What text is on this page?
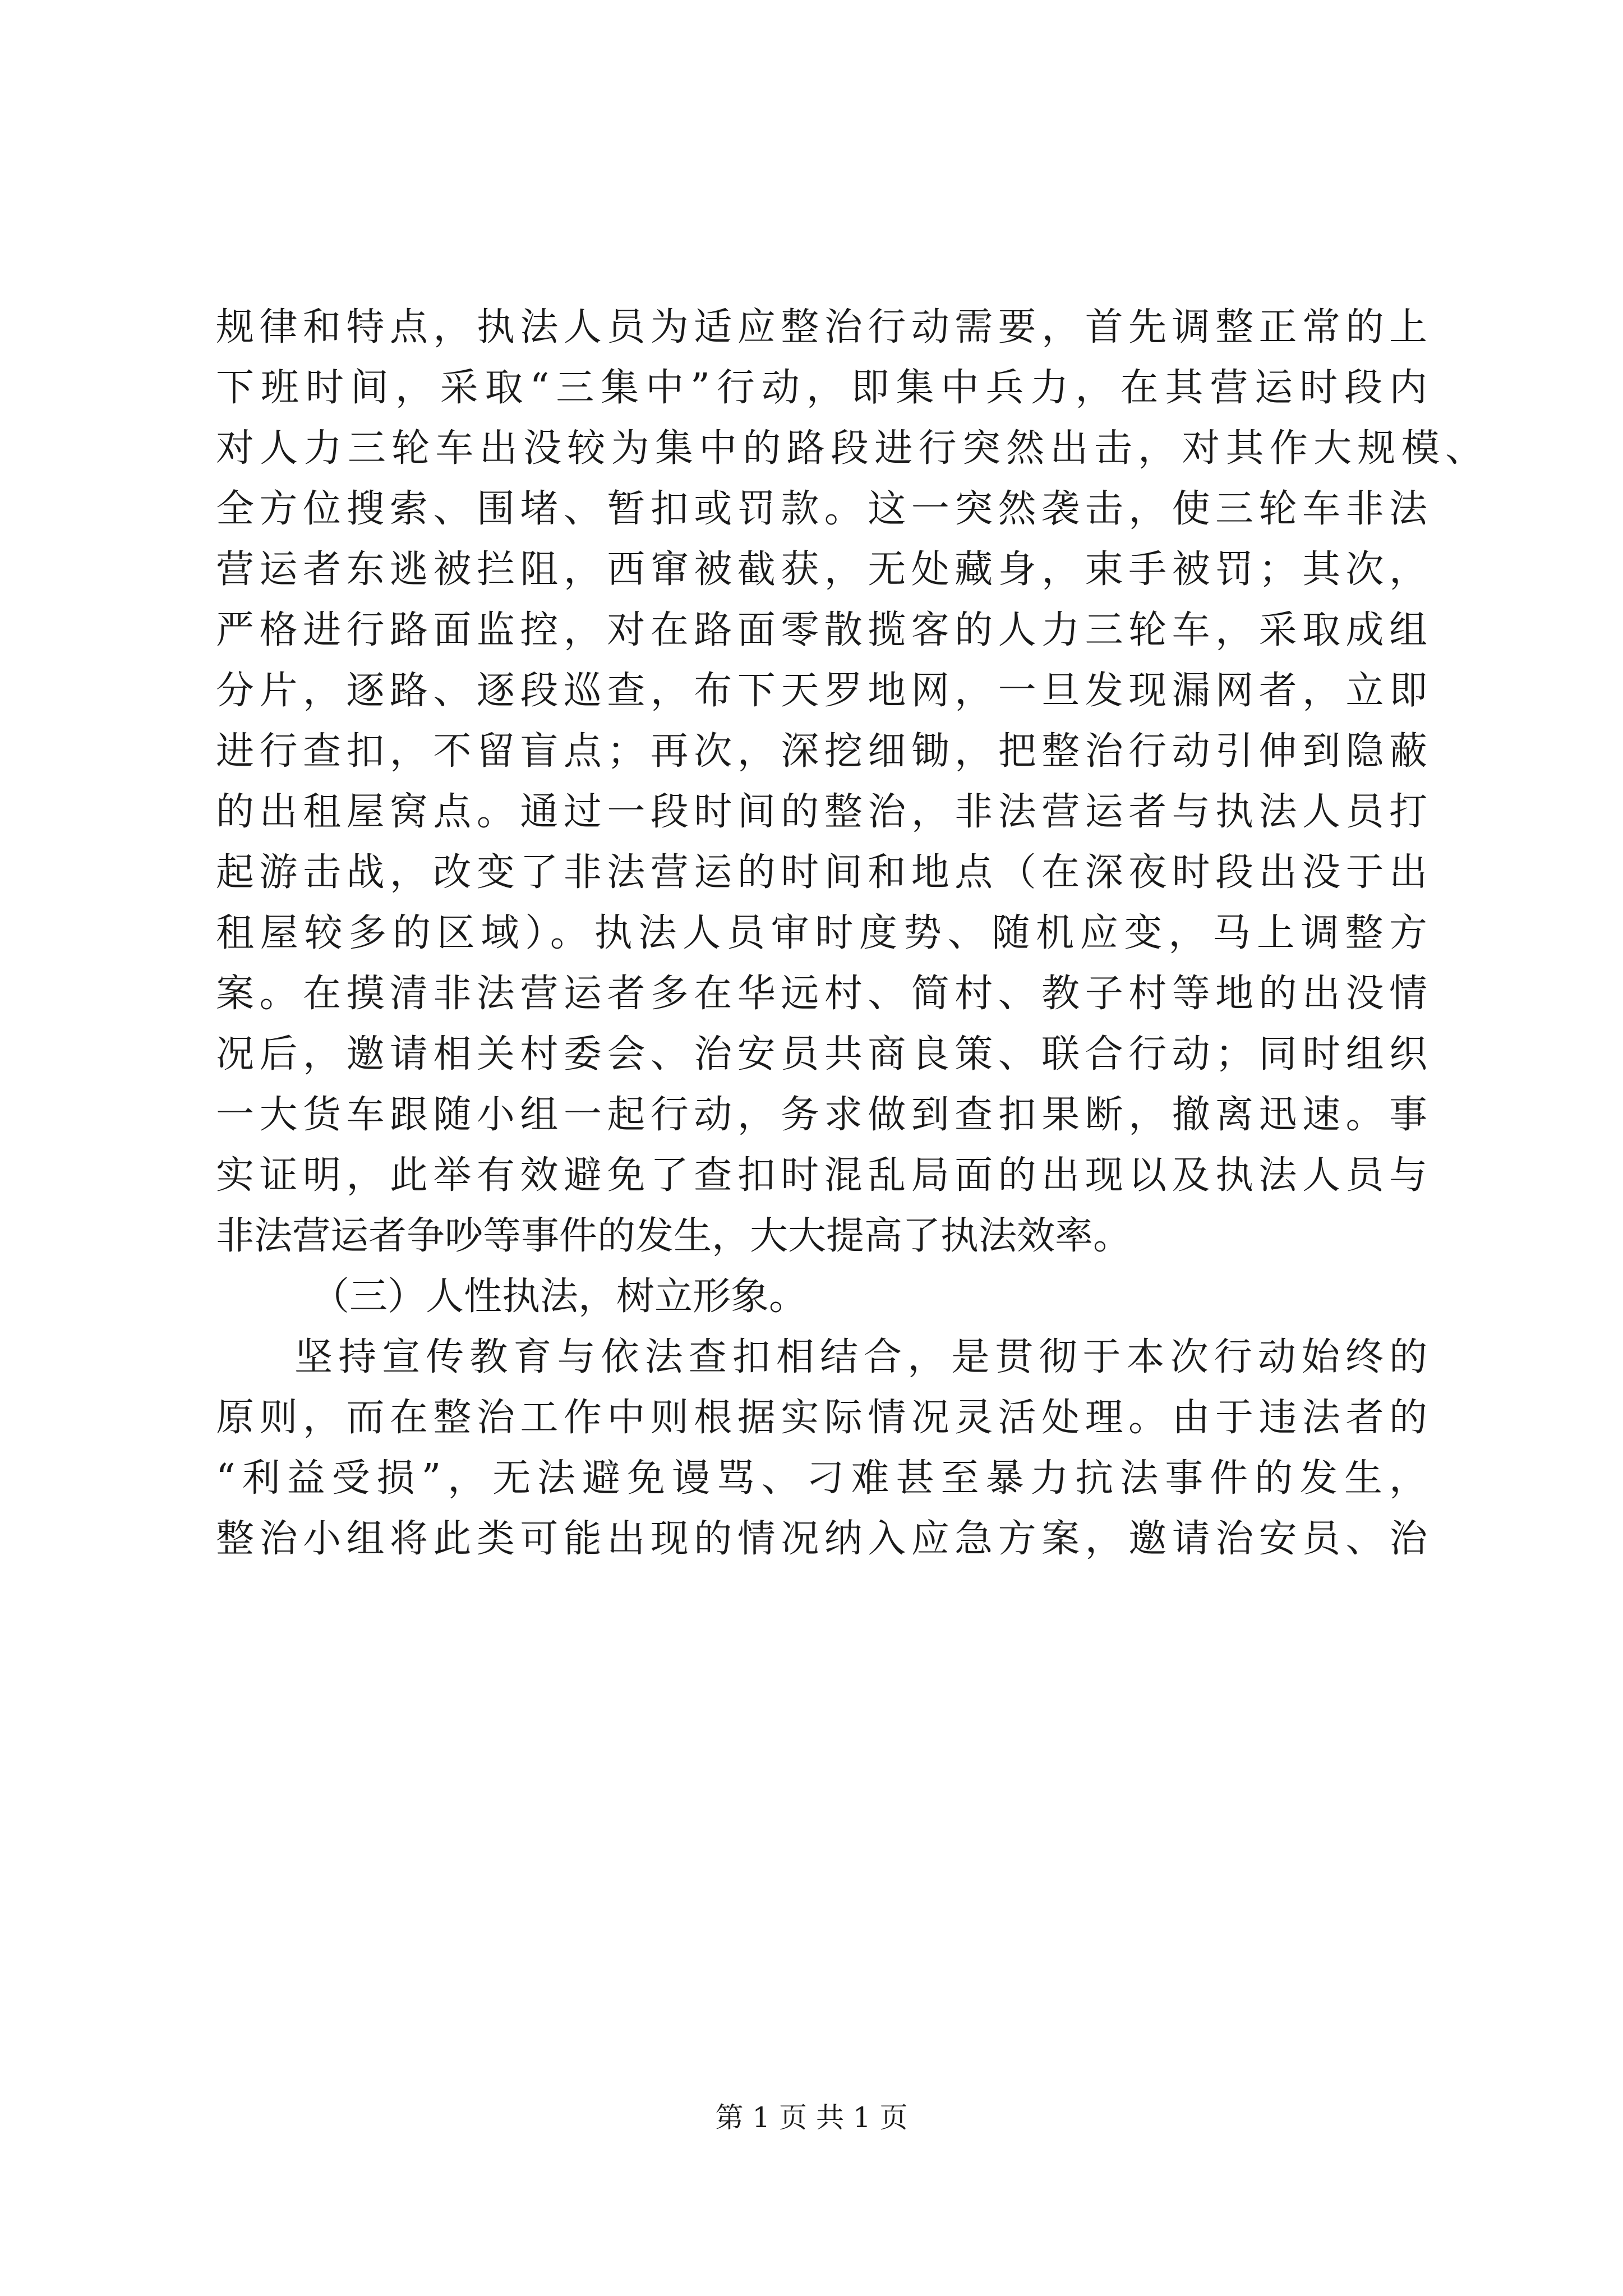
规律和特点，执法人员为适应整治行动需要，首先调整正常的上
下班时间，采取“三集中”行动，即集中兵力，在其营运时段内
对人力三轮车出没较为集中的路段进行突然出击，对其作大规模、
全方位搜索、围堵、暂扣或罚款。这一突然袭击，使三轮车非法
营运者东逃被拦阻，西窜被截获，无处藏身，束手被罚；其次，
严格进行路面监控，对在路面零散揽客的人力三轮车，采取成组
分片，逐路、逐段巡查，布下天罗地网，一旦发现漏网者，立即
进行查扣，不留盲点；再次，深挖细锄，把整治行动引伸到隐蔽
的出租屋窝点。通过一段时间的整治，非法营运者与执法人员打
起游击战，改变了非法营运的时间和地点（在深夜时段出没于出
租屋较多的区域）。执法人员审时度势、随机应变，马上调整方
案。在摸清非法营运者多在华远村、简村、教子村等地的出没情
况后，邀请相关村委会、治安员共商良策、联合行动；同时组织
一大货车跟随小组一起行动，务求做到查扣果断，撤离迅速。事
实证明，此举有效避免了查扣时混乱局面的出现以及执法人员与
非法营运者争吵等事件的发生，大大提高了执法效率。
（三）人性执法，树立形象。
坚持宣传教育与依法查扣相结合，是贯彻于本次行动始终的
原则，而在整治工作中则根据实际情况灵活处理。由于违法者的
“利益受损”，无法避免谩骂、刁难甚至暴力抗法事件的发生，
整治小组将此类可能出现的情况纳入应急方案，邀请治安员、治
第 1 页 共 1 页
